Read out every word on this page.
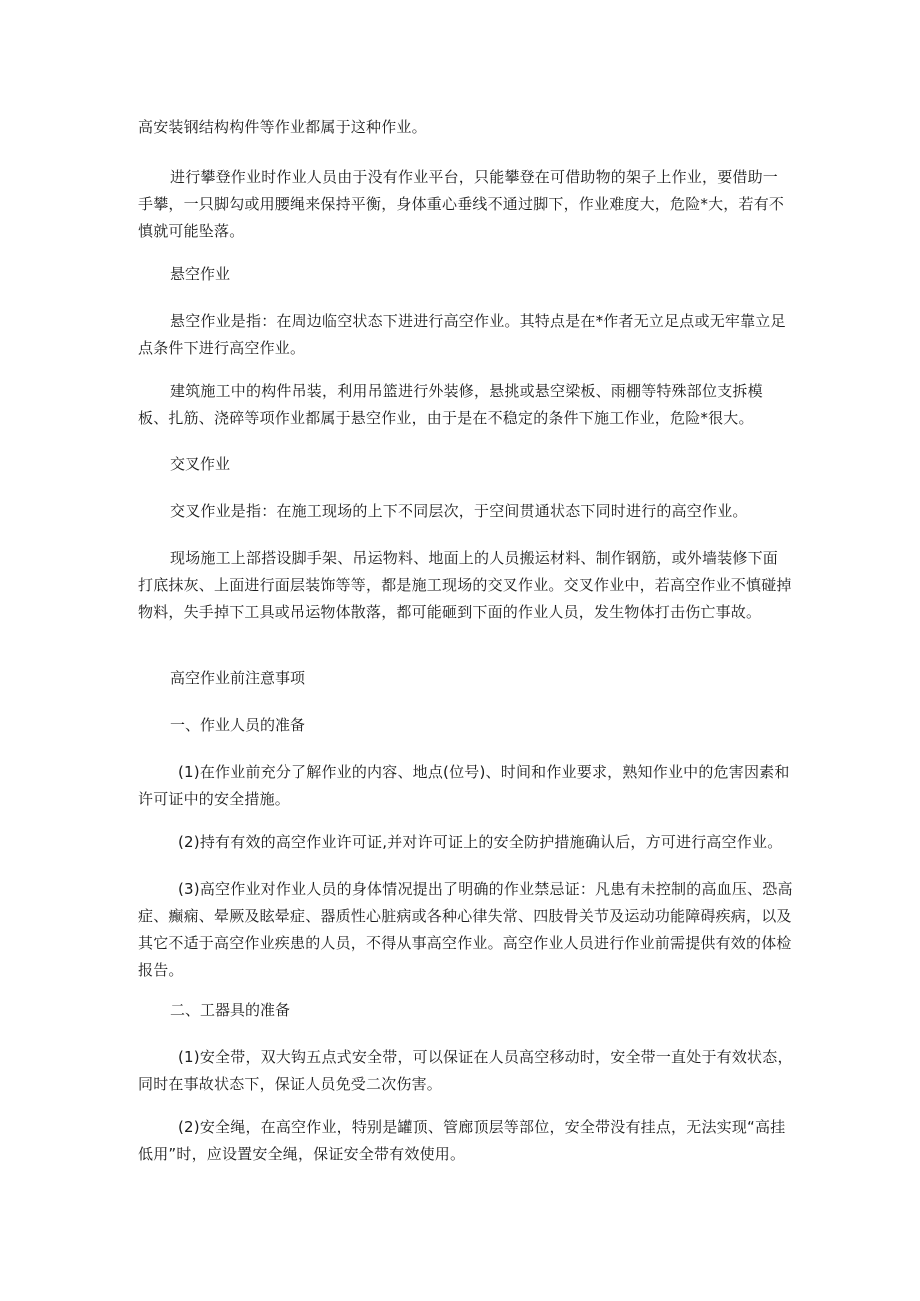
高安装钢结构构件等作业都属于这种作业。

进行攀登作业时作业人员由于没有作业平台，只能攀登在可借助物的架子上作业，要借助一手攀，一只脚勾或用腰绳来保持平衡，身体重心垂线不通过脚下，作业难度大，危险*大，若有不慎就可能坠落。

悬空作业

悬空作业是指：在周边临空状态下进进行高空作业。其特点是在*作者无立足点或无牢靠立足点条件下进行高空作业。

建筑施工中的构件吊装，利用吊篮进行外装修，悬挑或悬空梁板、雨棚等特殊部位支拆模板、扎筋、浇碎等项作业都属于悬空作业，由于是在不稳定的条件下施工作业，危险*很大。

交叉作业

交叉作业是指：在施工现场的上下不同层次，于空间贯通状态下同时进行的高空作业。

现场施工上部搭设脚手架、吊运物料、地面上的人员搬运材料、制作钢筋，或外墙装修下面打底抹灰、上面进行面层装饰等等，都是施工现场的交叉作业。交叉作业中，若高空作业不慎碰掉物料，失手掉下工具或吊运物体散落，都可能砸到下面的作业人员，发生物体打击伤亡事故。

高空作业前注意事项

一、作业人员的准备

(1)在作业前充分了解作业的内容、地点(位号)、时间和作业要求，熟知作业中的危害因素和许可证中的安全措施。

(2)持有有效的高空作业许可证,并对许可证上的安全防护措施确认后，方可进行高空作业。

(3)高空作业对作业人员的身体情况提出了明确的作业禁忌证：凡患有未控制的高血压、恐高症、癫痫、晕厥及眩晕症、器质性心脏病或各种心律失常、四肢骨关节及运动功能障碍疾病，以及其它不适于高空作业疾患的人员，不得从事高空作业。高空作业人员进行作业前需提供有效的体检报告。

二、工器具的准备

(1)安全带，双大钩五点式安全带，可以保证在人员高空移动时，安全带一直处于有效状态，同时在事故状态下，保证人员免受二次伤害。

(2)安全绳，在高空作业，特别是罐顶、管廊顶层等部位，安全带没有挂点，无法实现“高挂低用”时，应设置安全绳，保证安全带有效使用。
